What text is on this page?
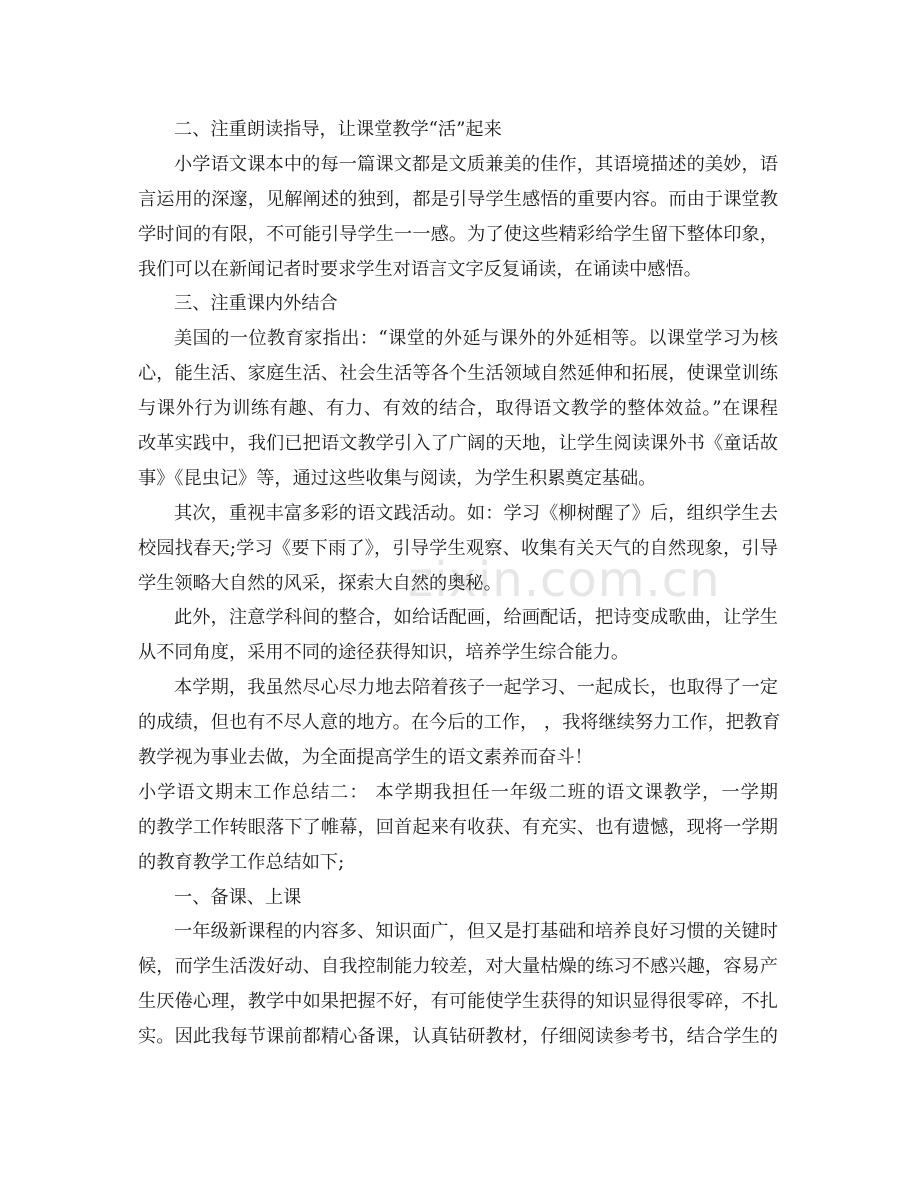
zixin.com.cn
二、注重朗读指导，让课堂教学“活”起来
小学语文课本中的每一篇课文都是文质兼美的佳作，其语境描述的美妙，语
言运用的深邃，见解阐述的独到，都是引导学生感悟的重要内容。而由于课堂教
学时间的有限，不可能引导学生一一感。为了使这些精彩给学生留下整体印象，
我们可以在新闻记者时要求学生对语言文字反复诵读，在诵读中感悟。
三、注重课内外结合
美国的一位教育家指出：“课堂的外延与课外的外延相等。以课堂学习为核
心，能生活、家庭生活、社会生活等各个生活领域自然延伸和拓展，使课堂训练
与课外行为训练有趣、有力、有效的结合，取得语文教学的整体效益。”在课程
改革实践中，我们已把语文教学引入了广阔的天地，让学生阅读课外书《童话故
事》《昆虫记》等，通过这些收集与阅读，为学生积累奠定基础。
其次，重视丰富多彩的语文践活动。如：学习《柳树醒了》后，组织学生去
校园找春天;学习《要下雨了》，引导学生观察、收集有关天气的自然现象，引导
学生领略大自然的风采，探索大自然的奥秘。
此外，注意学科间的整合，如给话配画，给画配话，把诗变成歌曲，让学生
从不同角度，采用不同的途径获得知识，培养学生综合能力。
本学期，我虽然尽心尽力地去陪着孩子一起学习、一起成长，也取得了一定
的成绩，但也有不尽人意的地方。在今后的工作， ，我将继续努力工作，把教育
教学视为事业去做，为全面提高学生的语文素养而奋斗！
小学语文期末工作总结二： 本学期我担任一年级二班的语文课教学，一学期
的教学工作转眼落下了帷幕，回首起来有收获、有充实、也有遗憾，现将一学期
的教育教学工作总结如下;
一、备课、上课
一年级新课程的内容多、知识面广，但又是打基础和培养良好习惯的关键时
候，而学生活泼好动、自我控制能力较差，对大量枯燥的练习不感兴趣，容易产
生厌倦心理，教学中如果把握不好，有可能使学生获得的知识显得很零碎，不扎
实。因此我每节课前都精心备课，认真钻研教材，仔细阅读参考书，结合学生的
